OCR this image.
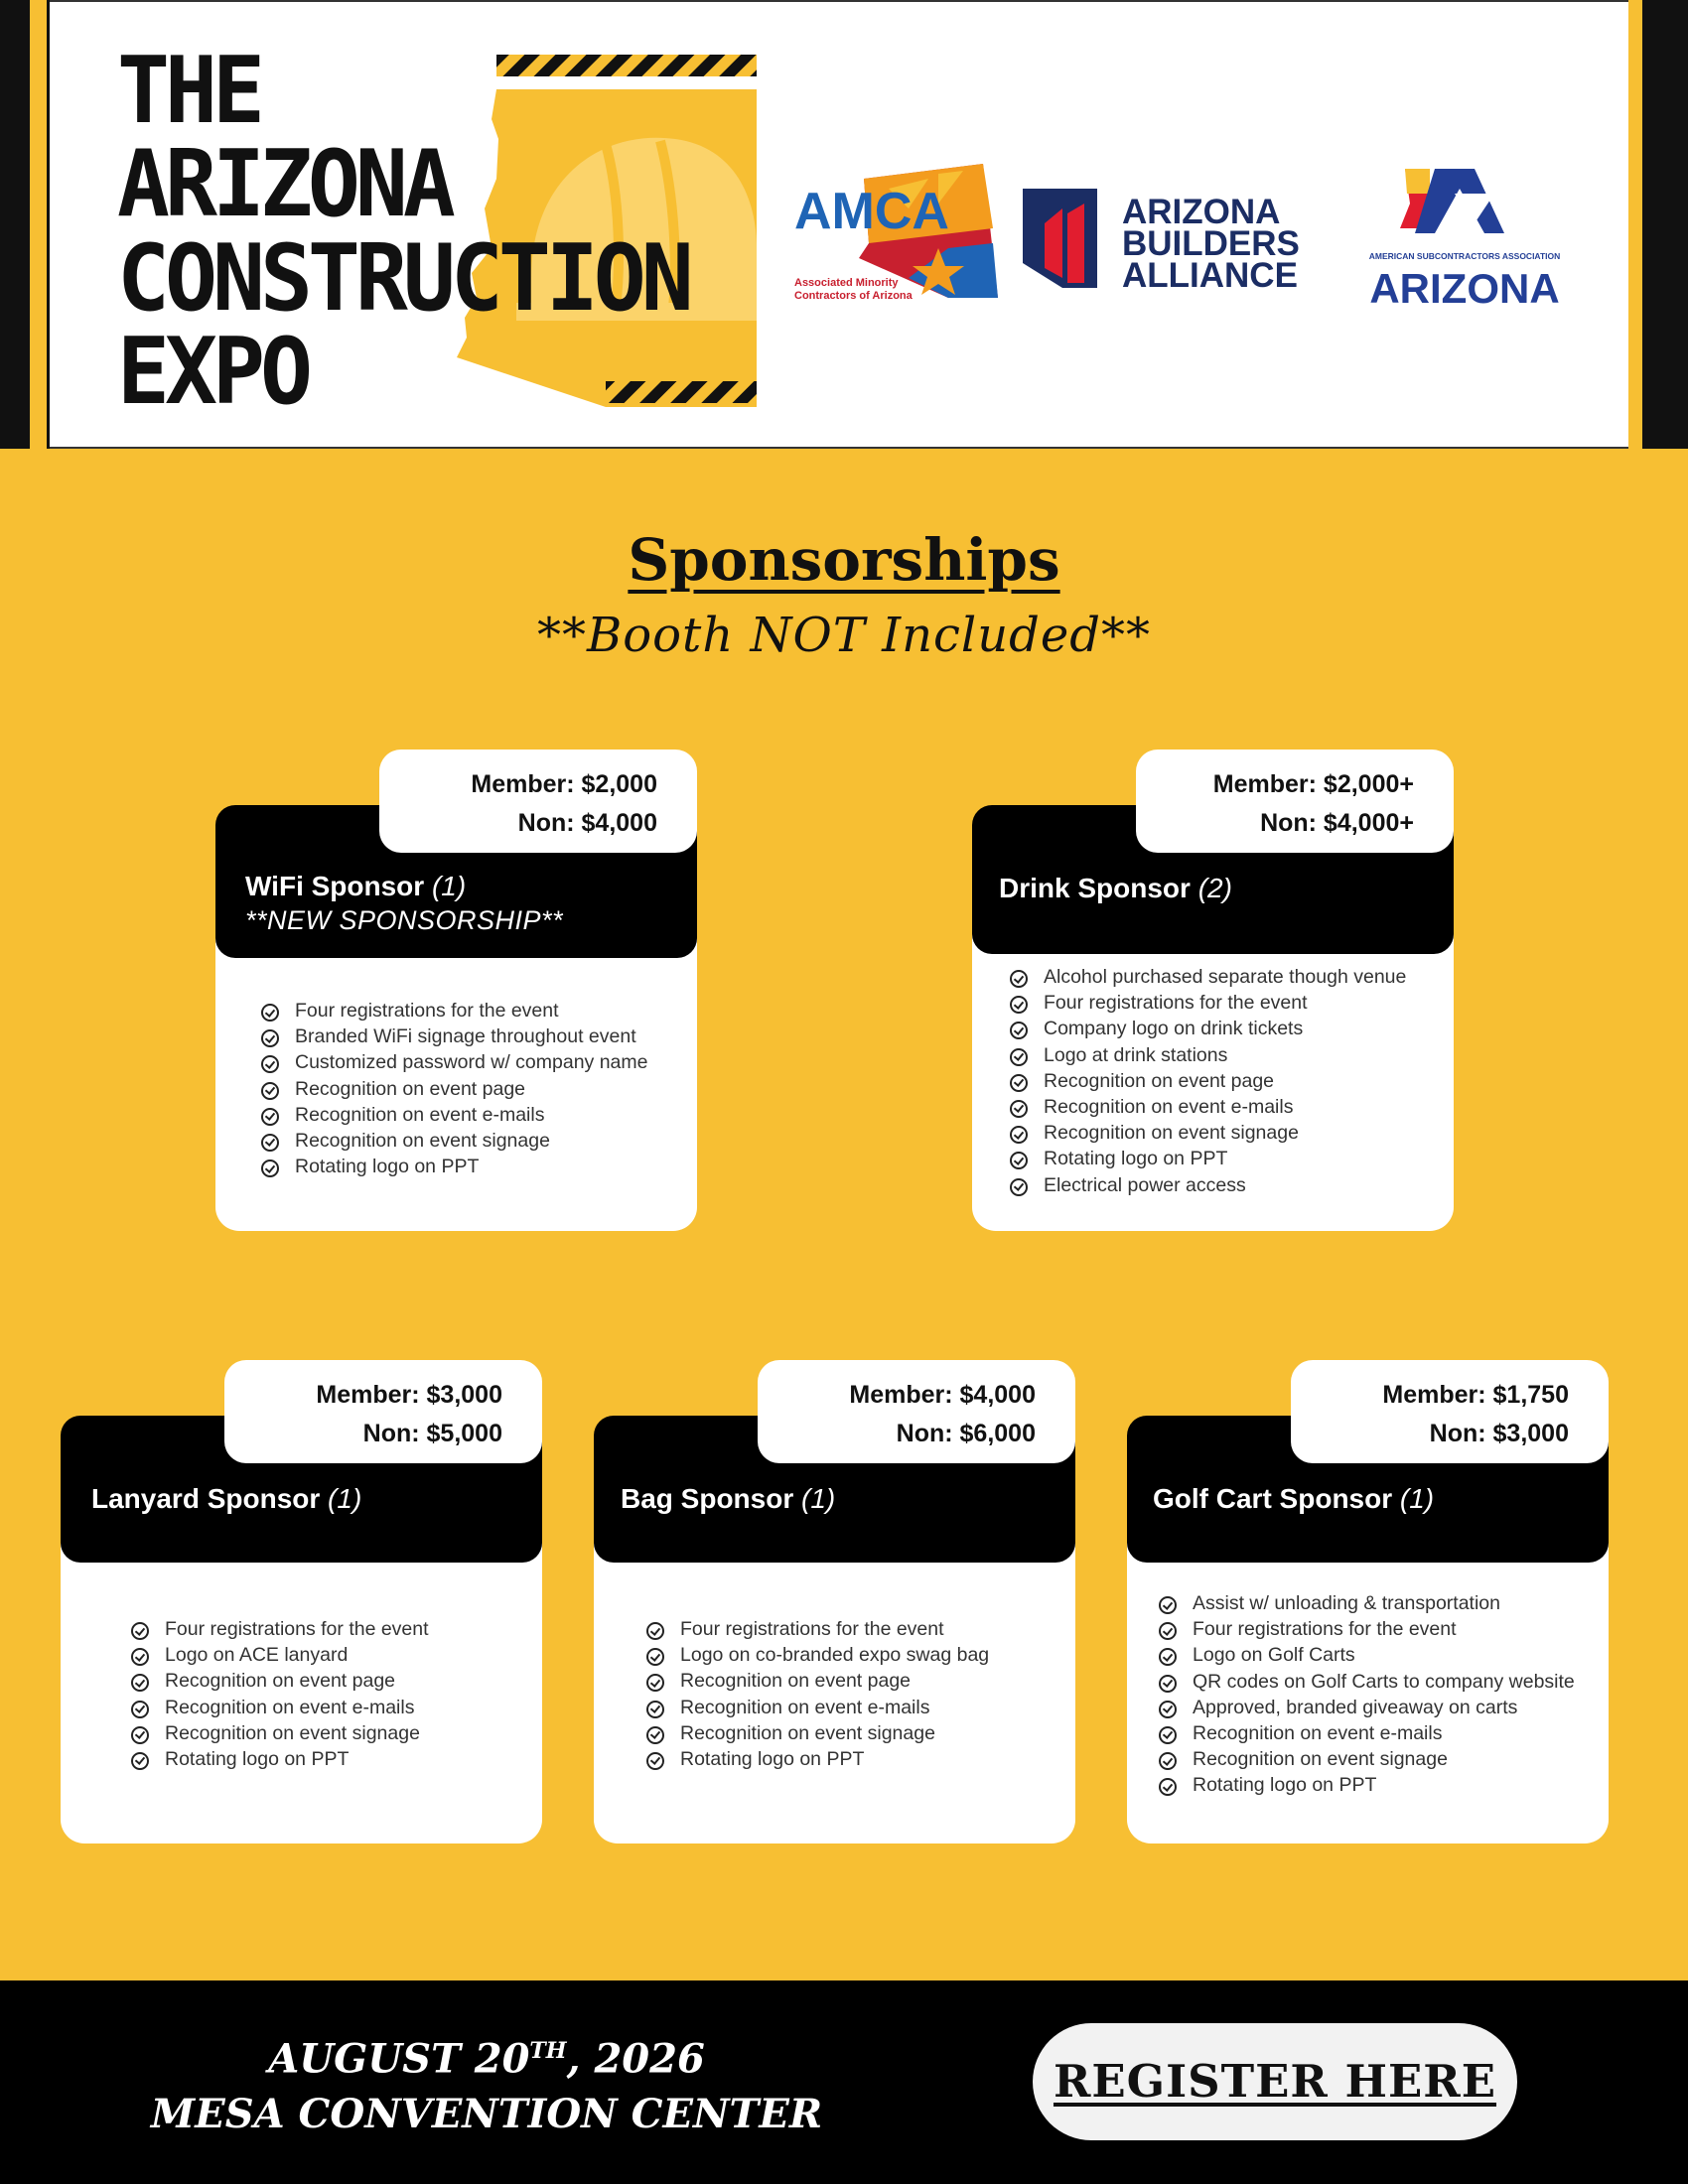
THE
ARIZONA
CONSTRUCTION
EXPO
AMCA
Associated Minority
Contractors of Arizona
ARIZONA
BUILDERS
ALLIANCE	AMERICAN SUBCONTRACTORS ASSOCIATION
ARIZONA
Sponsorships
**Booth NOT Included**
Member: $2,000
Non: $4,000
WiFi Sponsor (1)
**NEW SPONSORSHIP**
Four registrations for the event
Branded WiFi signage throughout event
Customized password w/ company name
Recognition on event page
Recognition on event e-mails
Recognition on event signage
Rotating logo on PPT
Member: $2,000+
Non: $4,000+
Drink Sponsor (2)
Alcohol purchased separate though venue
Four registrations for the event
Company logo on drink tickets
Logo at drink stations
Recognition on event page
Recognition on event e-mails
Recognition on event signage
Rotating logo on PPT
Electrical power access
Member: $3,000
Non: $5,000
Lanyard Sponsor (1)
Four registrations for the event
Logo on ACE lanyard
Recognition on event page
Recognition on event e-mails
Recognition on event signage
Rotating logo on PPT
Member: $4,000
Non: $6,000
Bag Sponsor (1)
Four registrations for the event
Logo on co-branded expo swag bag
Recognition on event page
Recognition on event e-mails
Recognition on event signage
Rotating logo on PPT
Member: $1,750
Non: $3,000
Golf Cart Sponsor (1)
Assist w/ unloading & transportation
Four registrations for the event
Logo on Golf Carts
QR codes on Golf Carts to company website
Approved, branded giveaway on carts
Recognition on event e-mails
Recognition on event signage
Rotating logo on PPT
AUGUST 20TH, 2026
MESA CONVENTION CENTER
REGISTER HERE
